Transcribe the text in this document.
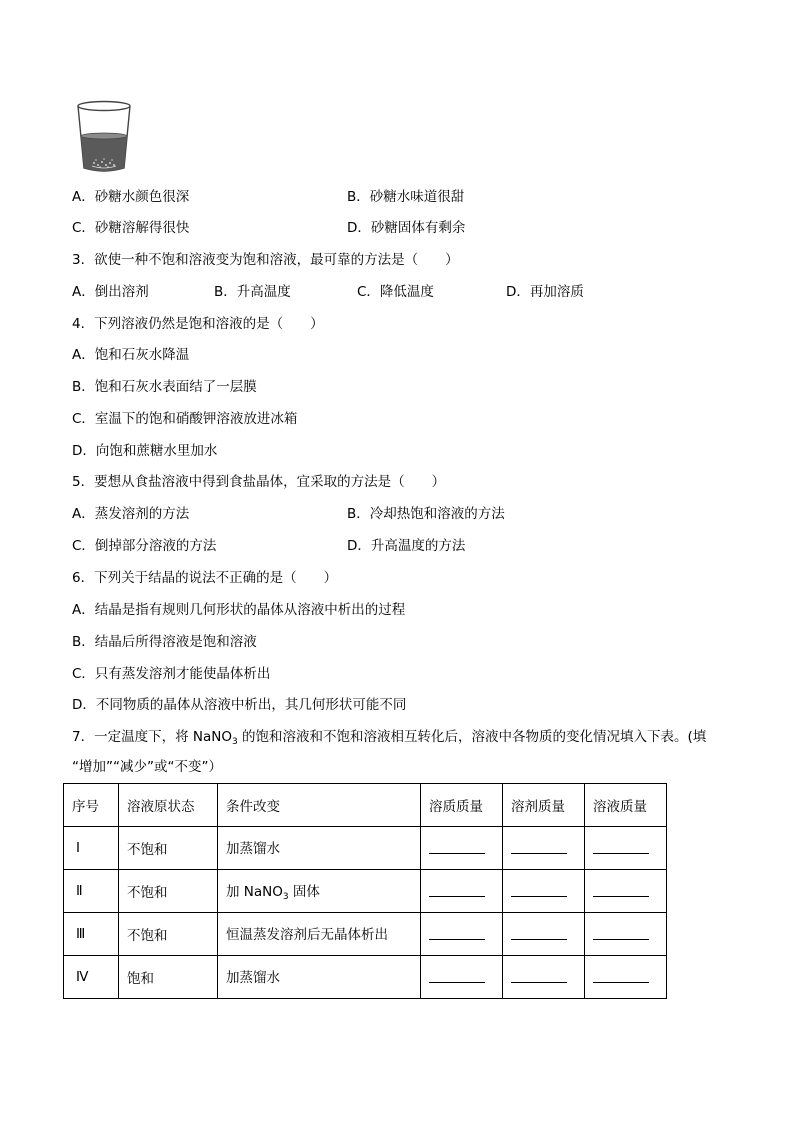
A．砂糖水颜色很深	B．砂糖水味道很甜
C．砂糖溶解得很快	D．砂糖固体有剩余
3．欲使一种不饱和溶液变为饱和溶液，最可靠的方法是（　　）
A．倒出溶剂	B．升高温度	C．降低温度	D．再加溶质
4．下列溶液仍然是饱和溶液的是（　　）
A．饱和石灰水降温
B．饱和石灰水表面结了一层膜
C．室温下的饱和硝酸钾溶液放进冰箱
D．向饱和蔗糖水里加水
5．要想从食盐溶液中得到食盐晶体，宜采取的方法是（　　）
A．蒸发溶剂的方法	B．冷却热饱和溶液的方法
C．倒掉部分溶液的方法	D．升高温度的方法
6．下列关于结晶的说法不正确的是（　　）
A．结晶是指有规则几何形状的晶体从溶液中析出的过程
B．结晶后所得溶液是饱和溶液
C．只有蒸发溶剂才能使晶体析出
D．不同物质的晶体从溶液中析出，其几何形状可能不同
7．一定温度下，将 NaNO$_3$ 的饱和溶液和不饱和溶液相互转化后，溶液中各物质的变化情况填入下表。(填
“增加”“减少”或“不变”）
序号	溶液原状态	条件改变	溶质质量	溶剂质量	溶液质量
Ⅰ	不饱和	加蒸馏水			
Ⅱ	不饱和	加 NaNO$_3$ 固体			
Ⅲ	不饱和	恒温蒸发溶剂后无晶体析出			
Ⅳ	饱和	加蒸馏水			
